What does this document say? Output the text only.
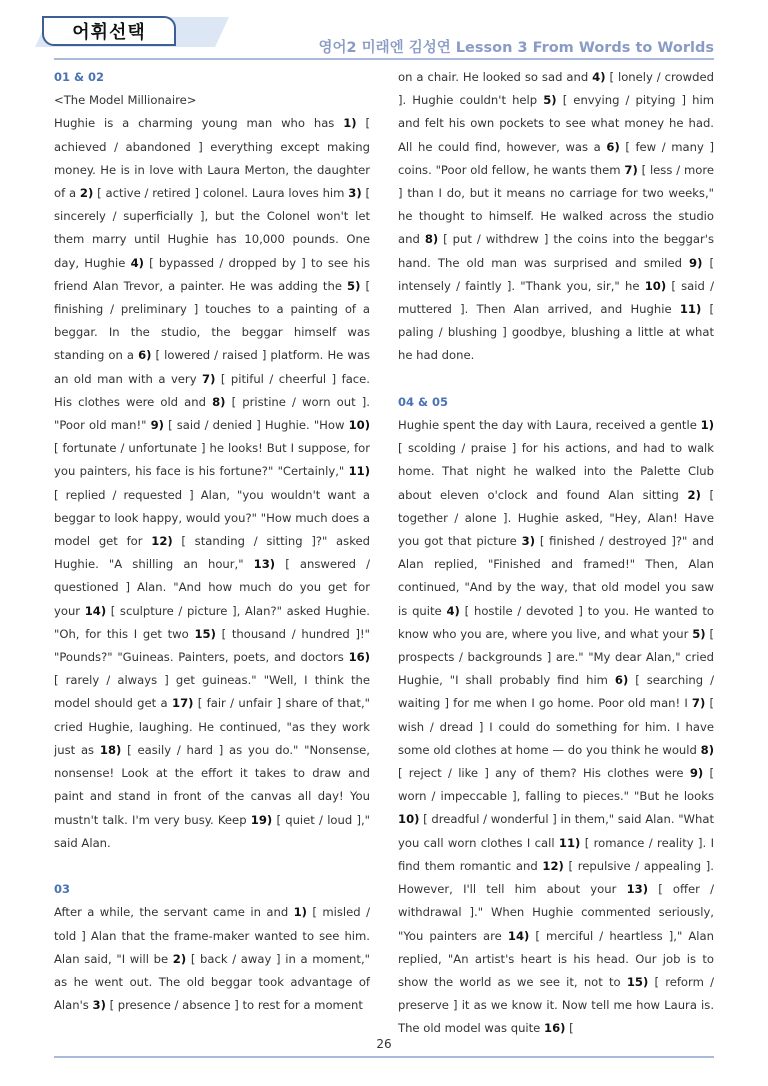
어휘선택
영어2 미래엔 김성연 Lesson 3 From Words to Worlds
01 & 02
<The Model Millionaire>

Hughie is a charming young man who has 1) [ achieved / abandoned ] everything except making money. He is in love with Laura Merton, the daughter of a 2) [ active / retired ] colonel. Laura loves him 3) [ sincerely / superficially ], but the Colonel won't let them marry until Hughie has 10,000 pounds. One day, Hughie 4) [ bypassed / dropped by ] to see his friend Alan Trevor, a painter. He was adding the 5) [ finishing / preliminary ] touches to a painting of a beggar. In the studio, the beggar himself was standing on a 6) [ lowered / raised ] platform. He was an old man with a very 7) [ pitiful / cheerful ] face. His clothes were old and 8) [ pristine / worn out ]. "Poor old man!" 9) [ said / denied ] Hughie. "How 10) [ fortunate / unfortunate ] he looks! But I suppose, for you painters, his face is his fortune?" "Certainly," 11) [ replied / requested ] Alan, "you wouldn't want a beggar to look happy, would you?" "How much does a model get for 12) [ standing / sitting ]?" asked Hughie. "A shilling an hour," 13) [ answered / questioned ] Alan. "And how much do you get for your 14) [ sculpture / picture ], Alan?" asked Hughie. "Oh, for this I get two 15) [ thousand / hundred ]!" "Pounds?" "Guineas. Painters, poets, and doctors 16) [ rarely / always ] get guineas." "Well, I think the model should get a 17) [ fair / unfair ] share of that," cried Hughie, laughing. He continued, "as they work just as 18) [ easily / hard ] as you do." "Nonsense, nonsense! Look at the effort it takes to draw and paint and stand in front of the canvas all day! You mustn't talk. I'm very busy. Keep 19) [ quiet / loud ]," said Alan.

03

After a while, the servant came in and 1) [ misled / told ] Alan that the frame-maker wanted to see him. Alan said, "I will be 2) [ back / away ] in a moment," as he went out. The old beggar took advantage of Alan's 3) [ presence / absence ] to rest for a moment

on a chair. He looked so sad and 4) [ lonely / crowded ]. Hughie couldn't help 5) [ envying / pitying ] him and felt his own pockets to see what money he had. All he could find, however, was a 6) [ few / many ] coins. "Poor old fellow, he wants them 7) [ less / more ] than I do, but it means no carriage for two weeks," he thought to himself. He walked across the studio and 8) [ put / withdrew ] the coins into the beggar's hand. The old man was surprised and smiled 9) [ intensely / faintly ]. "Thank you, sir," he 10) [ said / muttered ]. Then Alan arrived, and Hughie 11) [ paling / blushing ] goodbye, blushing a little at what he had done.

04 & 05

Hughie spent the day with Laura, received a gentle 1) [ scolding / praise ] for his actions, and had to walk home. That night he walked into the Palette Club about eleven o'clock and found Alan sitting 2) [ together / alone ]. Hughie asked, "Hey, Alan! Have you got that picture 3) [ finished / destroyed ]?" and Alan replied, "Finished and framed!" Then, Alan continued, "And by the way, that old model you saw is quite 4) [ hostile / devoted ] to you. He wanted to know who you are, where you live, and what your 5) [ prospects / backgrounds ] are." "My dear Alan," cried Hughie, "I shall probably find him 6) [ searching / waiting ] for me when I go home. Poor old man! I 7) [ wish / dread ] I could do something for him. I have some old clothes at home — do you think he would 8) [ reject / like ] any of them? His clothes were 9) [ worn / impeccable ], falling to pieces." "But he looks 10) [ dreadful / wonderful ] in them," said Alan. "What you call worn clothes I call 11) [ romance / reality ]. I find them romantic and 12) [ repulsive / appealing ]. However, I'll tell him about your 13) [ offer / withdrawal ]." When Hughie commented seriously, "You painters are 14) [ merciful / heartless ]," Alan replied, "An artist's heart is his head. Our job is to show the world as we see it, not to 15) [ reform / preserve ] it as we know it. Now tell me how Laura is. The old model was quite 16) [

26
